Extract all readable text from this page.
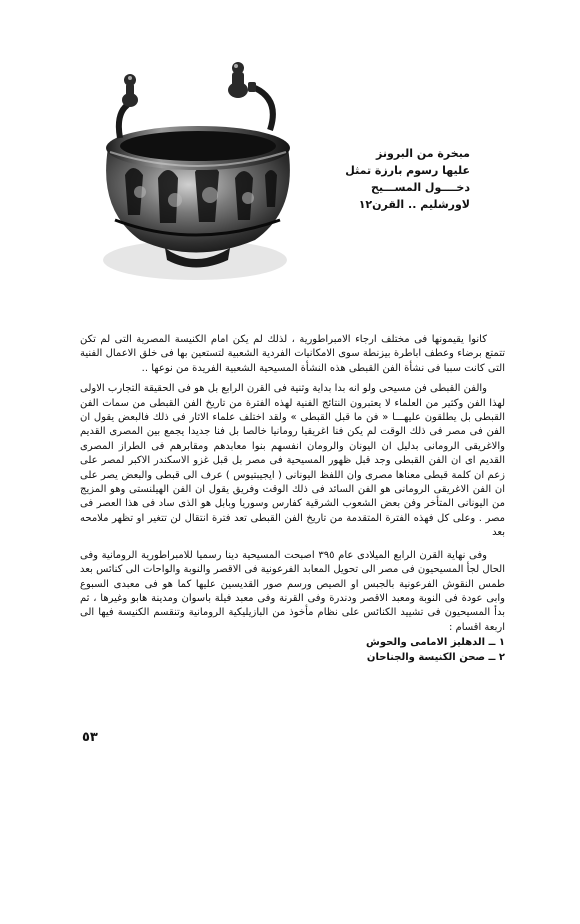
مبخرة من البرونز
عليها رسوم بارزة تمثل
دخــــول المســـيح
لاورشليم .. القرن١٢

كانوا يقيمونها فى مختلف ارجاء الامبراطورية ، لذلك لم يكن امام الكنيسة المصرية التى لم تكن تتمتع برضاء وعطف اباطرة بيزنطة سوى الامكانيات الفردية الشعبية لتستعين بها فى خلق الاعمال الفنية التى كانت سببا فى نشأة الفن القبطى هذه النشأة المسيحية الشعبية الفريدة من نوعها ..

والفن القبطى فن مسيحى ولو انه بدا بداية وثنية فى القرن الرابع بل هو فى الحقيقة التجارب الاولى لهذا الفن وكثير من العلماء لا يعتبرون النتائج الفنية لهذه الفترة من تاريخ الفن القبطى من سمات الفن القبطى بل يطلقون عليهـــا « فن ما قبل القبطى » ولقد اختلف علماء الاثار فى ذلك فالبعض يقول ان الفن فى مصر فى ذلك الوقت لم يكن فنا اغريقيا رومانيا خالصا بل فنا جديدا يجمع بين المصرى القديم والاغريقى الرومانى بدليل ان اليونان والرومان انفسهم بنوا معابدهم ومقابرهم فى الطراز المصرى القديم اى ان الفن القبطى وجد قبل ظهور المسيحية فى مصر بل قبل غزو الاسكندر الاكبر لمصر على زعم ان كلمة قبطى معناها مصرى وان اللفظ اليونانى ( ايجيبتيوس ) عرف الى قبطى والبعض يصر على ان الفن الاغريقى الرومانى هو الفن السائد فى ذلك الوقت وفريق يقول ان الفن الهيلنستى وهو المزيج من اليونانى المتأخر وفن بعض الشعوب الشرقية كفارس وسوريا وبابل هو الذى ساد فى هذا العصر فى مصر . وعلى كل فهذه الفترة المتقدمة من تاريخ الفن القبطى تعد فترة انتقال لن تتغير او تظهر ملامحه بعد

وفى نهاية القرن الرابع الميلادى عام ٣٩٥ اصبحت المسيحية دينا رسميا للامبراطورية الرومانية وفى الحال لجأ المسيحيون فى مصر الى تحويل المعابد الفرعونية فى الاقصر والنوبة والواحات الى كنائس بعد طمس النقوش الفرعونية بالجبس او الصيص ورسم صور القديسين عليها كما هو فى معبدى السبوع وابى عودة فى النوبة ومعبد الاقصر ودندرة وفى القرنة وفى معبد فيلة باسوان ومدينة هابو وغيرها ، ثم بدأ المسيحيون فى تشييد الكنائس على نظام مأخوذ من البازيليكية الرومانية وتنقسم الكنيسة فيها الى اربعة اقسام :

١ ــ الدهليز الامامى والحوش
٢ ــ صحن الكنيسة والجناحان
٥٣
